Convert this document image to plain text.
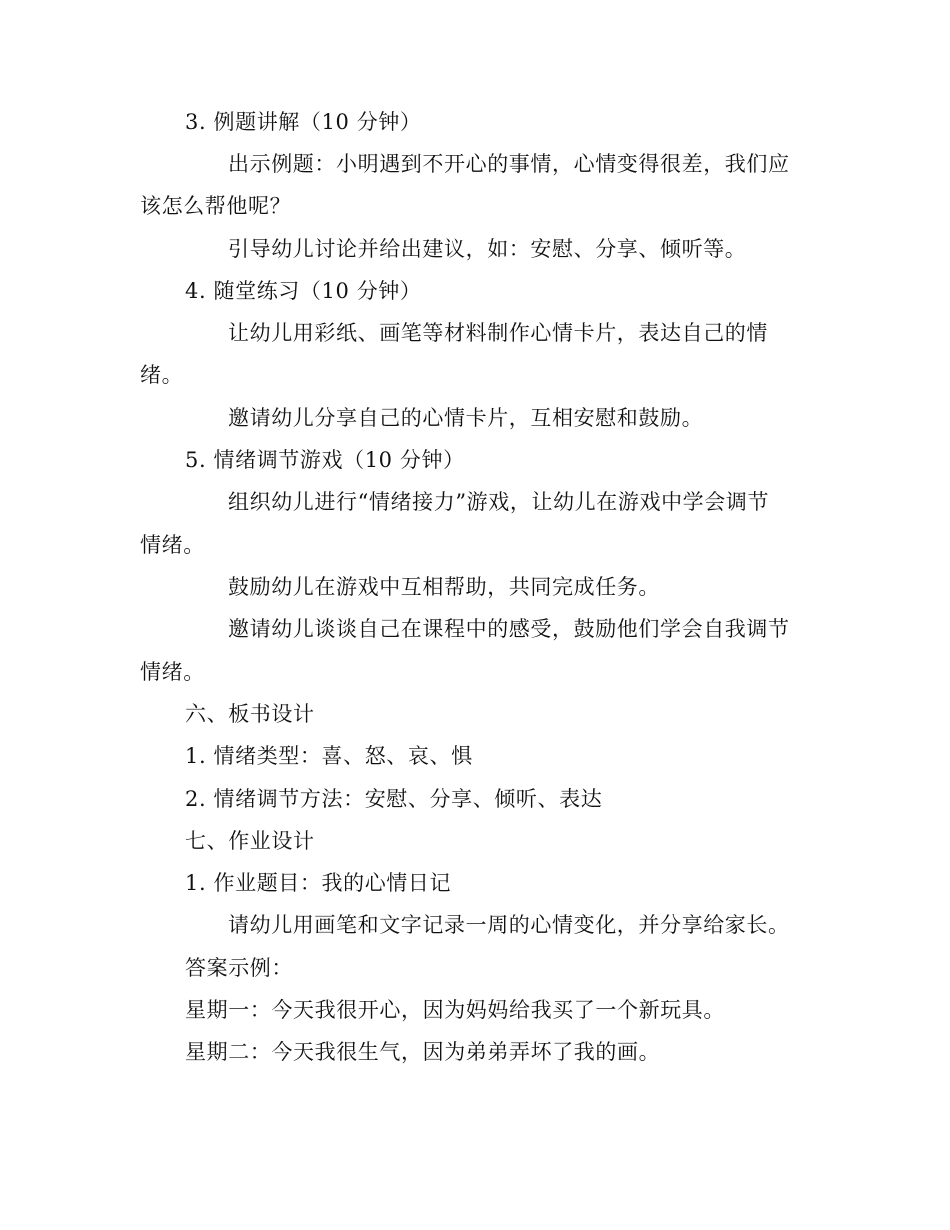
3. 例题讲解（10 分钟）
出示例题：小明遇到不开心的事情，心情变得很差，我们应
该怎么帮他呢？
引导幼儿讨论并给出建议，如：安慰、分享、倾听等。
4. 随堂练习（10 分钟）
让幼儿用彩纸、画笔等材料制作心情卡片，表达自己的情
绪。
邀请幼儿分享自己的心情卡片，互相安慰和鼓励。
5. 情绪调节游戏（10 分钟）
组织幼儿进行“情绪接力”游戏，让幼儿在游戏中学会调节
情绪。
鼓励幼儿在游戏中互相帮助，共同完成任务。
邀请幼儿谈谈自己在课程中的感受，鼓励他们学会自我调节
情绪。
六、板书设计
1. 情绪类型：喜、怒、哀、惧
2. 情绪调节方法：安慰、分享、倾听、表达
七、作业设计
1. 作业题目：我的心情日记
请幼儿用画笔和文字记录一周的心情变化，并分享给家长。
答案示例：
星期一：今天我很开心，因为妈妈给我买了一个新玩具。
星期二：今天我很生气，因为弟弟弄坏了我的画。
